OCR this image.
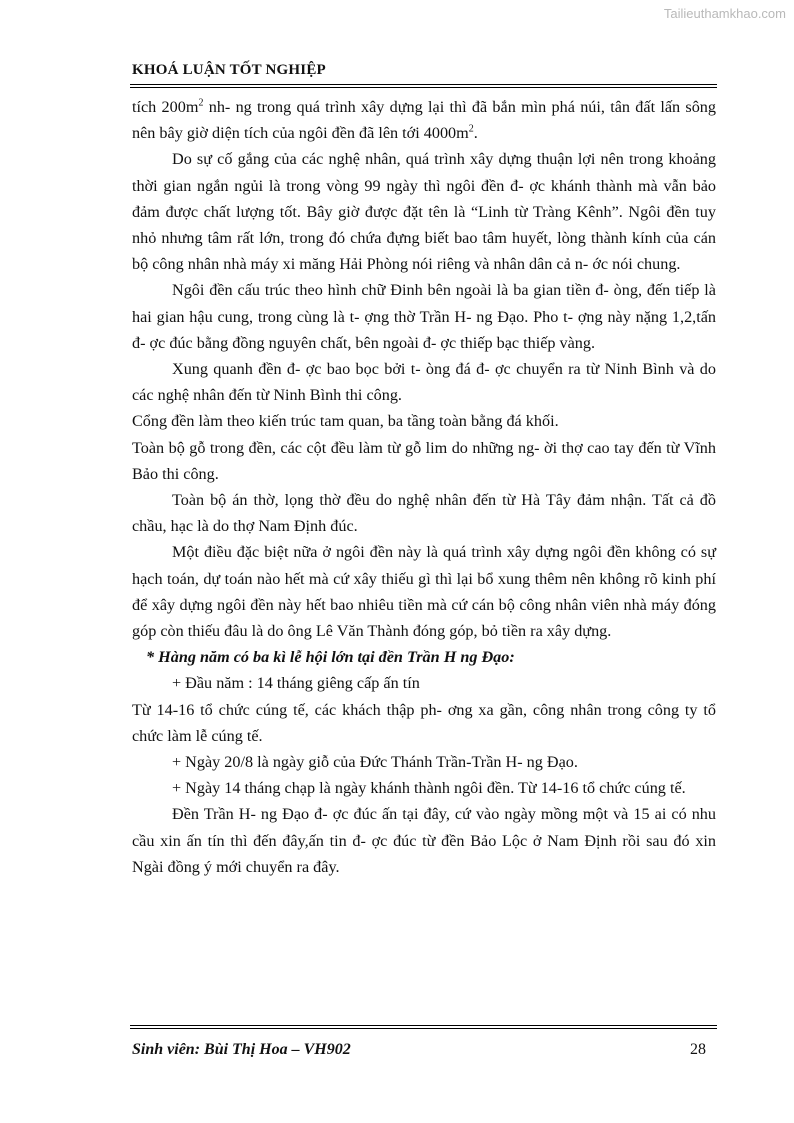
Tailieuthamkhao.com
KHOÁ LUẬN TỐT NGHIỆP

tích $200m^2$ nh- ng trong quá trình xây dựng lại thì đã bắn mìn phá núi, tân đất lấn sông nên bây giờ diện tích của ngôi đền đã lên tới $4000m^2$.

Do sự cố gắng của các nghệ nhân, quá trình xây dựng thuận lợi nên trong khoảng thời gian ngắn ngủi là trong vòng 99 ngày thì ngôi đền đ- ợc khánh thành mà vẫn bảo đảm được chất lượng tốt. Bây giờ được đặt tên là “Linh từ Tràng Kênh”. Ngôi đền tuy nhỏ nhưng tâm rất lớn, trong đó chứa đựng biết bao tâm huyết, lòng thành kính của cán bộ công nhân nhà máy xi măng Hải Phòng nói riêng và nhân dân cả n- ớc nói chung.

Ngôi đền cấu trúc theo hình chữ Đinh bên ngoài là ba gian tiền đ- òng, đến tiếp là hai gian hậu cung, trong cùng là t- ợng thờ Trần H- ng Đạo. Pho t- ợng này nặng 1,2,tấn đ- ợc đúc bằng đồng nguyên chất, bên ngoài đ- ợc thiếp bạc thiếp vàng.

Xung quanh đền đ- ợc bao bọc bởi t- òng đá đ- ợc chuyển ra từ Ninh Bình và do các nghệ nhân đến từ Ninh Bình thi công.

Cổng đền làm theo kiến trúc tam quan, ba tầng toàn bằng đá khối.

Toàn bộ gỗ trong đền, các cột đều làm từ gỗ lim do những ng- ời thợ cao tay đến từ Vĩnh Bảo thi công.

Toàn bộ án thờ, lọng thờ đều do nghệ nhân đến từ Hà Tây đảm nhận. Tất cả đồ chầu, hạc là do thợ Nam Định đúc.

Một điều đặc biệt nữa ở ngôi đền này là quá trình xây dựng ngôi đền không có sự hạch toán, dự toán nào hết mà cứ xây thiếu gì thì lại bổ xung thêm nên không rõ kinh phí để xây dựng ngôi đền này hết bao nhiêu tiền mà cứ cán bộ công nhân viên nhà máy đóng góp còn thiếu đâu là do ông Lê Văn Thành đóng góp, bỏ tiền ra xây dựng.

* Hàng năm có ba kì lễ hội lớn tại đền Trần H ng Đạo:

+ Đầu năm : 14 tháng giêng cấp ấn tín

Từ 14-16 tổ chức cúng tế, các khách thập ph- ơng xa gần, công nhân trong công ty tổ chức làm lễ cúng tế.

+ Ngày 20/8 là ngày giỗ của Đức Thánh Trần-Trần H- ng Đạo.

+ Ngày 14 tháng chạp là ngày khánh thành ngôi đền. Từ 14-16 tổ chức cúng tế.

Đền Trần H- ng Đạo đ- ợc đúc ấn tại đây, cứ vào ngày mồng một và 15 ai có nhu cầu xin ấn tín thì đến đây,ấn tin đ- ợc đúc từ đền Bảo Lộc ở Nam Định rồi sau đó xin Ngài đồng ý mới chuyển ra đây.

Sinh viên: Bùi Thị Hoa – VH902	28
